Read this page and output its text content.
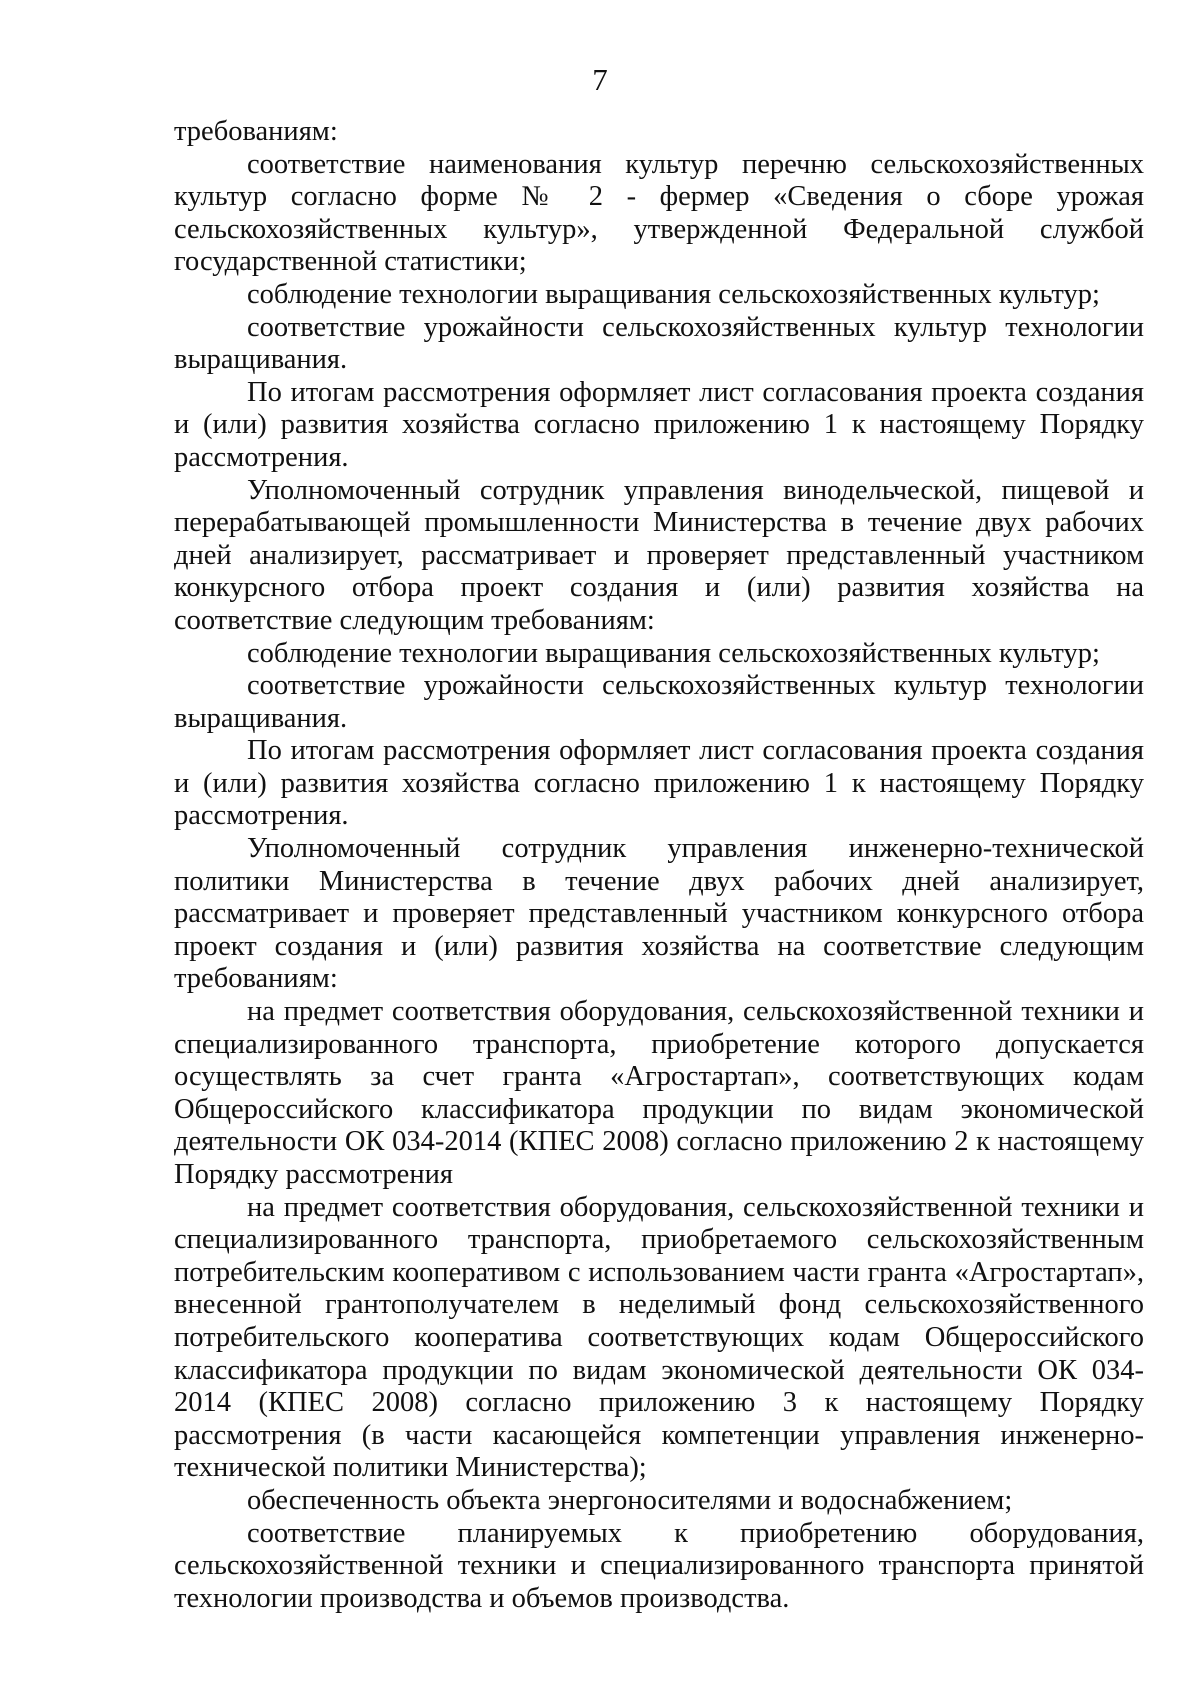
7

требованиям:

соответствие наименования культур перечню сельскохозяйственных культур согласно форме № 2 - фермер «Сведения о сборе урожая сельскохозяйственных культур», утвержденной Федеральной службой государственной статистики;

соблюдение технологии выращивания сельскохозяйственных культур;

соответствие урожайности сельскохозяйственных культур технологии выращивания.

По итогам рассмотрения оформляет лист согласования проекта создания и (или) развития хозяйства согласно приложению 1 к настоящему Порядку рассмотрения.

Уполномоченный сотрудник управления винодельческой, пищевой и перерабатывающей промышленности Министерства в течение двух рабочих дней анализирует, рассматривает и проверяет представленный участником конкурсного отбора проект создания и (или) развития хозяйства на соответствие следующим требованиям:

соблюдение технологии выращивания сельскохозяйственных культур;

соответствие урожайности сельскохозяйственных культур технологии выращивания.

По итогам рассмотрения оформляет лист согласования проекта создания и (или) развития хозяйства согласно приложению 1 к настоящему Порядку рассмотрения.

Уполномоченный сотрудник управления инженерно-технической политики Министерства в течение двух рабочих дней анализирует, рассматривает и проверяет представленный участником конкурсного отбора проект создания и (или) развития хозяйства на соответствие следующим требованиям:

на предмет соответствия оборудования, сельскохозяйственной техники и специализированного транспорта, приобретение которого допускается осуществлять за счет гранта «Агростартап», соответствующих кодам Общероссийского классификатора продукции по видам экономической деятельности ОК 034-2014 (КПЕС 2008) согласно приложению 2 к настоящему Порядку рассмотрения

на предмет соответствия оборудования, сельскохозяйственной техники и специализированного транспорта, приобретаемого сельскохозяйственным потребительским кооперативом с использованием части гранта «Агростартап», внесенной грантополучателем в неделимый фонд сельскохозяйственного потребительского кооператива соответствующих кодам Общероссийского классификатора продукции по видам экономической деятельности ОК 034-2014 (КПЕС 2008) согласно приложению 3 к настоящему Порядку рассмотрения (в части касающейся компетенции управления инженерно-технической политики Министерства);

обеспеченность объекта энергоносителями и водоснабжением;

соответствие планируемых к приобретению оборудования, сельскохозяйственной техники и специализированного транспорта принятой технологии производства и объемов производства.
